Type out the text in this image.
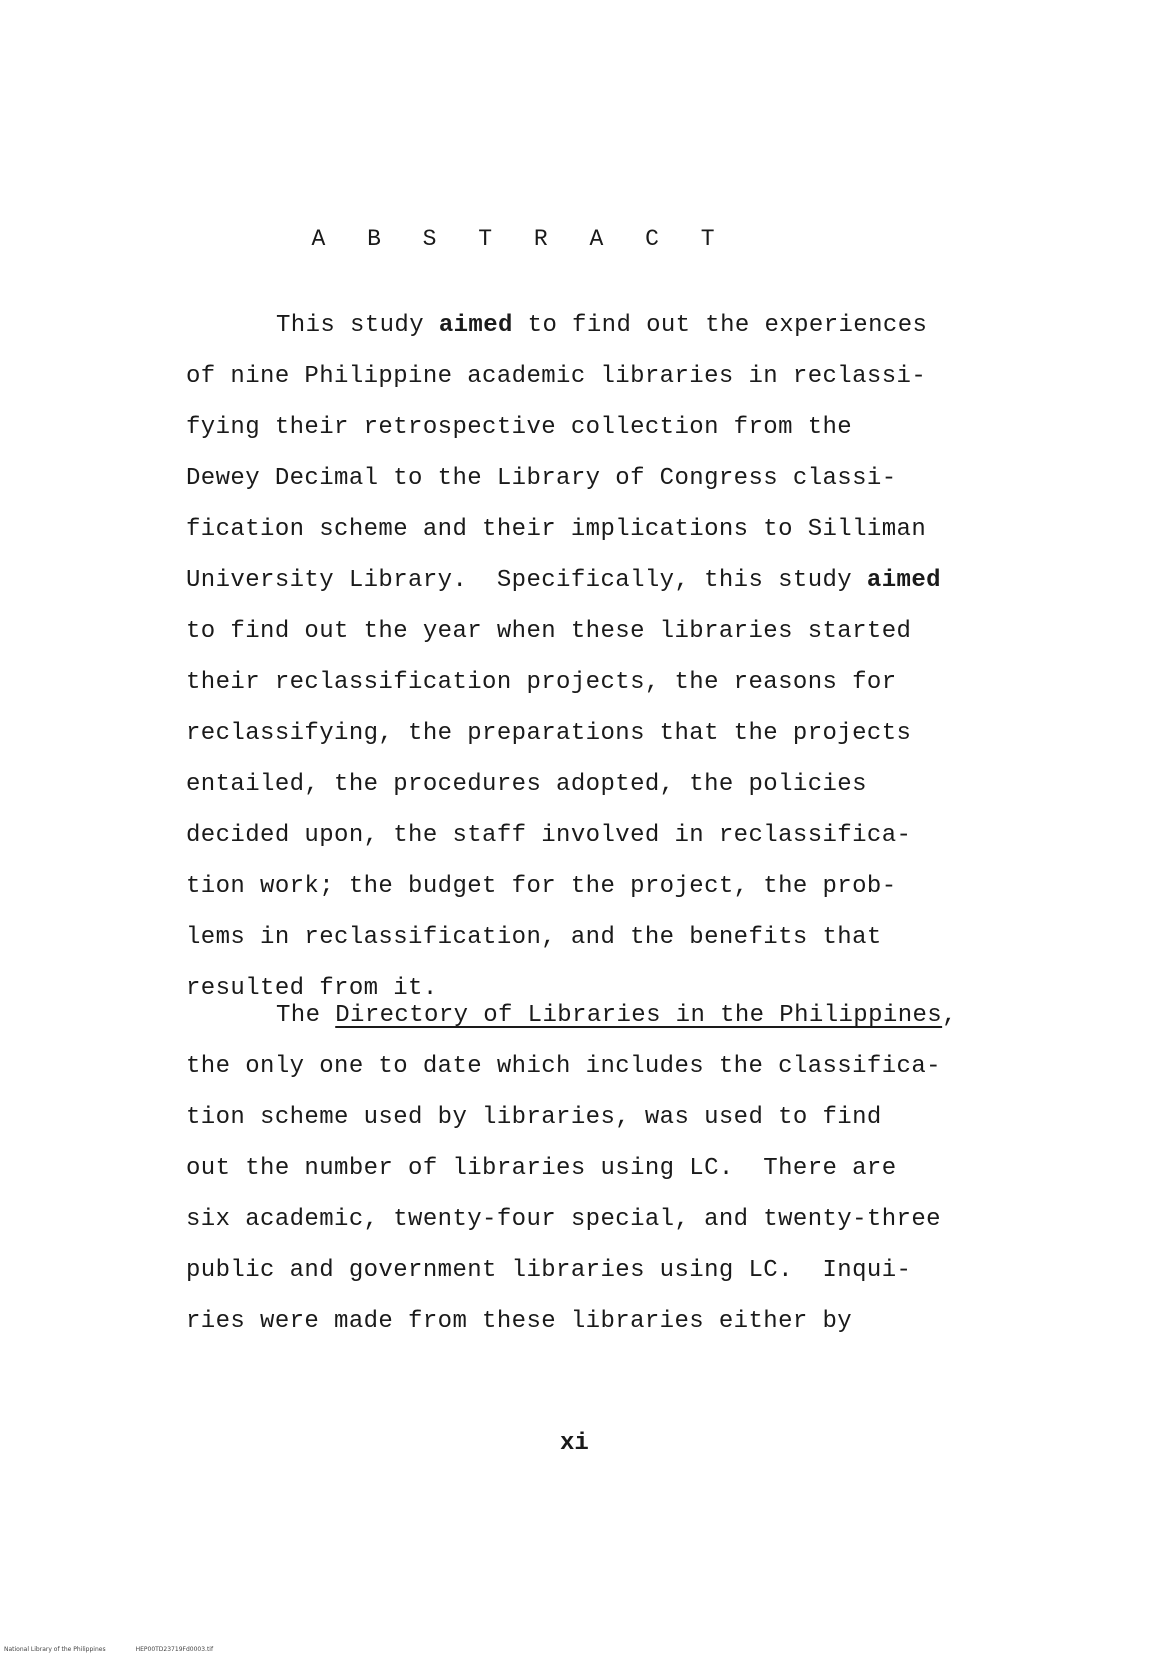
A B S T R A C T
This study aimed to find out the experiences
of nine Philippine academic libraries in reclassi-
fying their retrospective collection from the
Dewey Decimal to the Library of Congress classi-
fication scheme and their implications to Silliman
University Library.  Specifically, this study aimed
to find out the year when these libraries started
their reclassification projects, the reasons for
reclassifying, the preparations that the projects
entailed, the procedures adopted, the policies
decided upon, the staff involved in reclassifica-
tion work; the budget for the project, the prob-
lems in reclassification, and the benefits that
resulted from it.
The Directory of Libraries in the Philippines,
the only one to date which includes the classifica-
tion scheme used by libraries, was used to find
out the number of libraries using LC.  There are
six academic, twenty-four special, and twenty-three
public and government libraries using LC.  Inqui-
ries were made from these libraries either by

xi

National Library of the Philippines	HEP00TD23719Fd0003.tif
